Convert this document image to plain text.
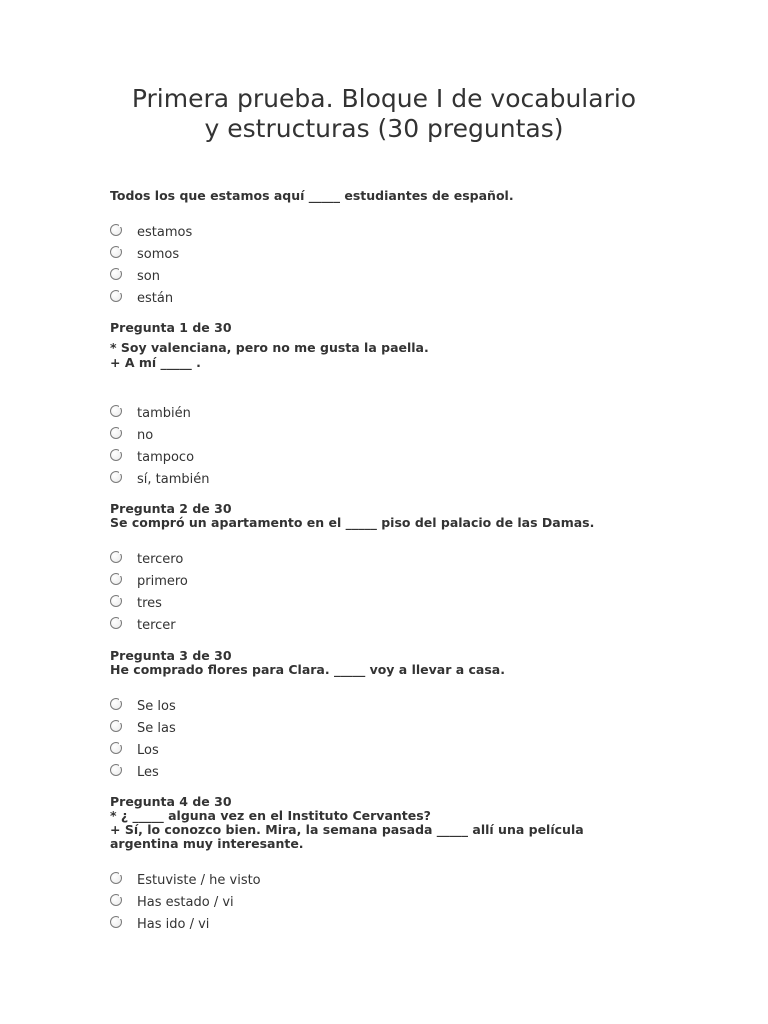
Primera prueba. Bloque I de vocabulario
y estructuras (30 preguntas)
Todos los que estamos aquí _____ estudiantes de español.
estamos
somos
son
están
Pregunta 1 de 30
* Soy valenciana, pero no me gusta la paella.
+ A mí _____ .
también
no
tampoco
sí, también
Pregunta 2 de 30
Se compró un apartamento en el _____ piso del palacio de las Damas.
tercero
primero
tres
tercer
Pregunta 3 de 30
He comprado flores para Clara. _____ voy a llevar a casa.
Se los
Se las
Los
Les
Pregunta 4 de 30
* ¿ _____ alguna vez en el Instituto Cervantes?
+ Sí, lo conozco bien. Mira, la semana pasada _____ allí una película
argentina muy interesante.
Estuviste / he visto
Has estado / vi
Has ido / vi
